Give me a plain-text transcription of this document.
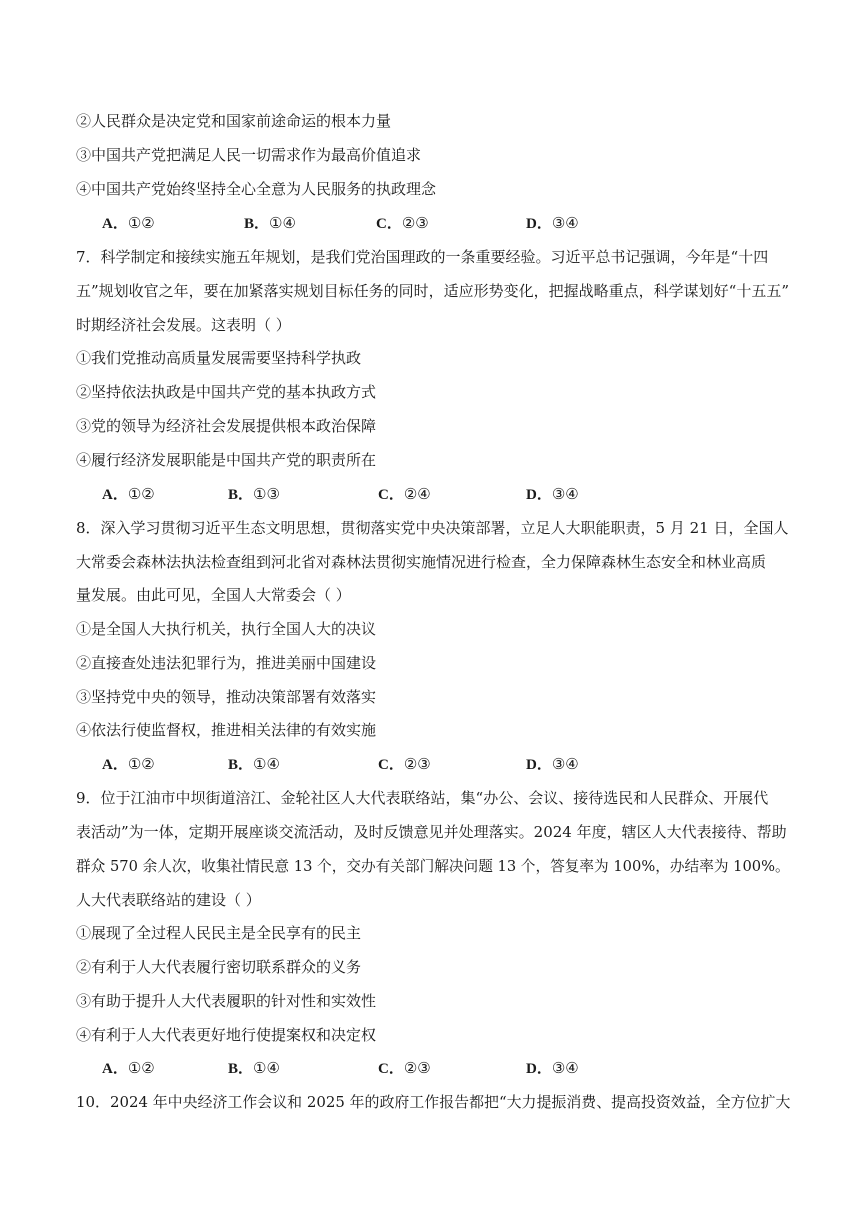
②人民群众是决定党和国家前途命运的根本力量
③中国共产党把满足人民一切需求作为最高价值追求
④中国共产党始终坚持全心全意为人民服务的执政理念
A．①②	B．①④	C．②③	D．③④
7．科学制定和接续实施五年规划，是我们党治国理政的一条重要经验。习近平总书记强调，今年是“十四
五”规划收官之年，要在加紧落实规划目标任务的同时，适应形势变化，把握战略重点，科学谋划好“十五五”
时期经济社会发展。这表明（ ）
①我们党推动高质量发展需要坚持科学执政
②坚持依法执政是中国共产党的基本执政方式
③党的领导为经济社会发展提供根本政治保障
④履行经济发展职能是中国共产党的职责所在
A．①②	B．①③	C．②④	D．③④
8．深入学习贯彻习近平生态文明思想，贯彻落实党中央决策部署，立足人大职能职责，5 月 21 日，全国人
大常委会森林法执法检查组到河北省对森林法贯彻实施情况进行检查，全力保障森林生态安全和林业高质
量发展。由此可见，全国人大常委会（ ）
①是全国人大执行机关，执行全国人大的决议
②直接查处违法犯罪行为，推进美丽中国建设
③坚持党中央的领导，推动决策部署有效落实
④依法行使监督权，推进相关法律的有效实施
A．①②	B．①④	C．②③	D．③④
9．位于江油市中坝街道涪江、金轮社区人大代表联络站，集“办公、会议、接待选民和人民群众、开展代
表活动”为一体，定期开展座谈交流活动，及时反馈意见并处理落实。2024 年度，辖区人大代表接待、帮助
群众 570 余人次，收集社情民意 13 个，交办有关部门解决问题 13 个，答复率为 100%，办结率为 100%。
人大代表联络站的建设（ ）
①展现了全过程人民民主是全民享有的民主
②有利于人大代表履行密切联系群众的义务
③有助于提升人大代表履职的针对性和实效性
④有利于人大代表更好地行使提案权和决定权
A．①②	B．①④	C．②③	D．③④
10．2024 年中央经济工作会议和 2025 年的政府工作报告都把“大力提振消费、提高投资效益，全方位扩大
